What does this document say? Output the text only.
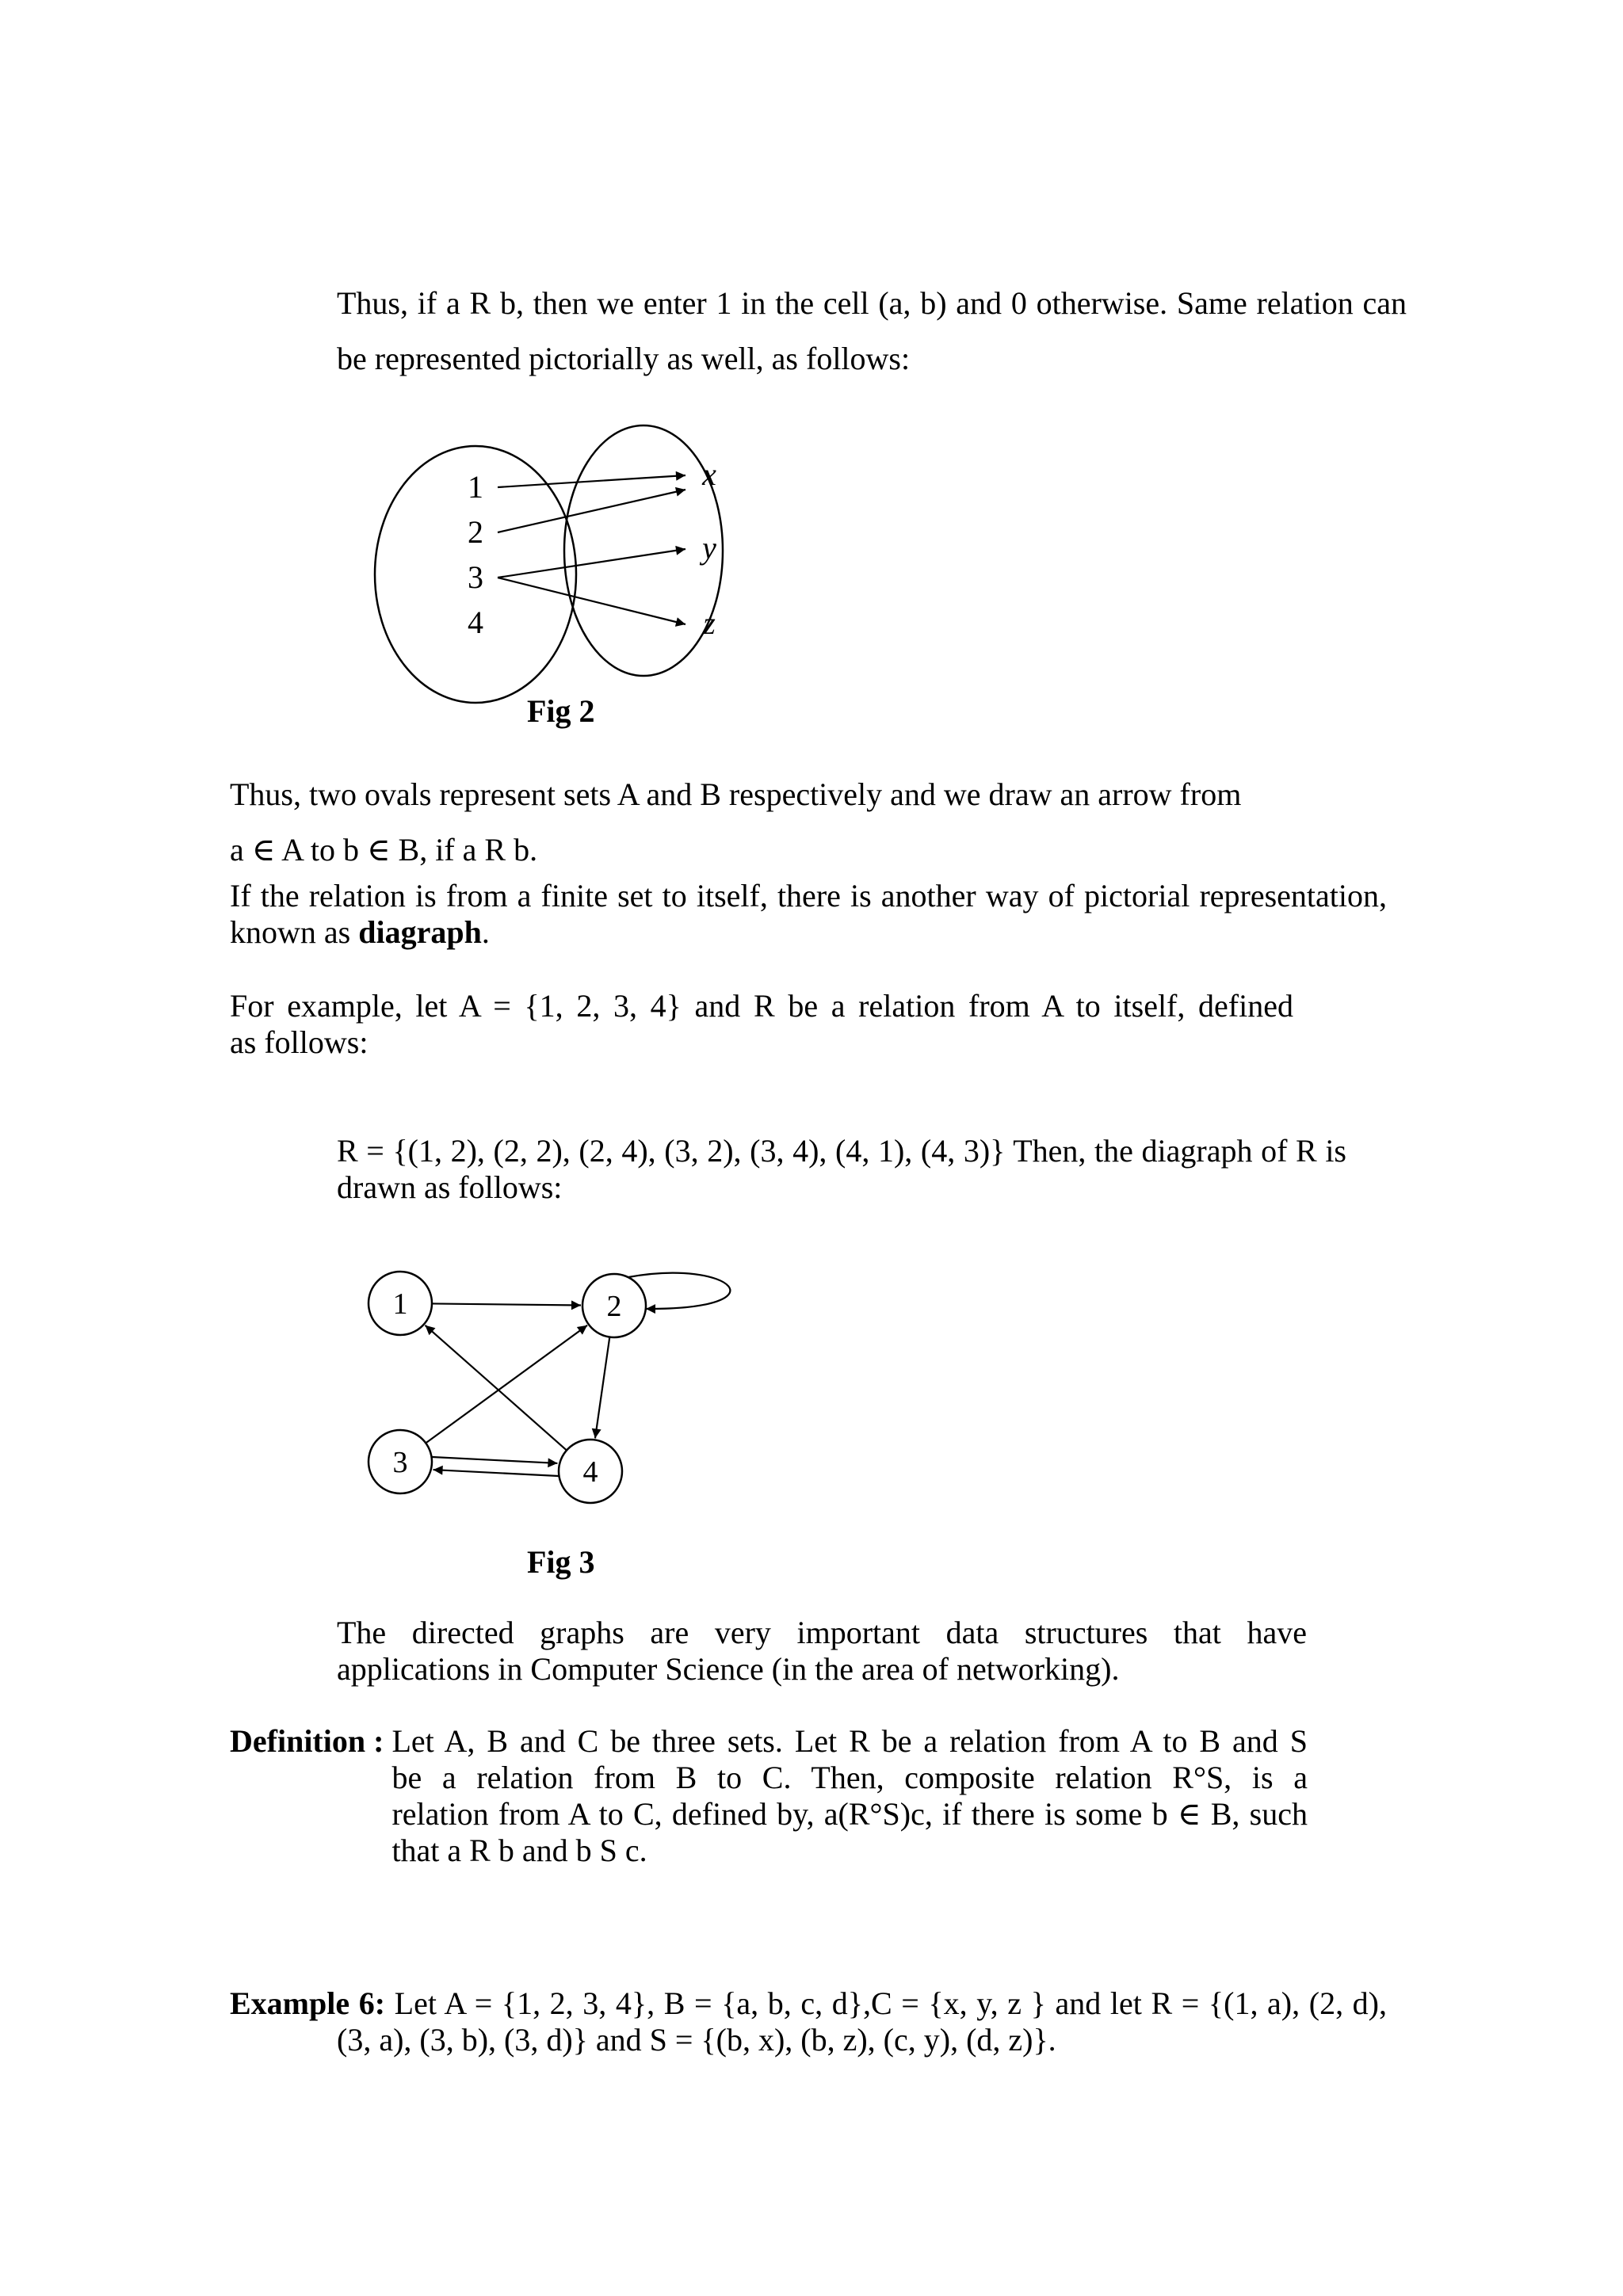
Thus, if a R b, then we enter 1 in the cell (a, b) and 0 otherwise. Same relation can
be represented pictorially as well, as follows:
1
2
3
4
x
y
z
Fig 2
Thus, two ovals represent sets A and B respectively and we draw an arrow from
a ∈ A to b ∈ B, if a R b.
If the relation is from a finite set to itself, there is another way of pictorial representation,
known as diagraph.
For example, let A = {1, 2, 3, 4} and R be a relation from A to itself, defined
as follows:
R = {(1, 2), (2, 2), (2, 4), (3, 2), (3, 4), (4, 1), (4, 3)} Then, the diagraph of R is
drawn as follows:
1	2
3	4
Fig 3
The directed graphs are very important data structures that have
applications in Computer Science (in the area of networking).
Definition : Let A, B and C be three sets. Let R be a relation from A to B and S
be a relation from B to C. Then, composite relation R°S, is a
relation from A to C, defined by, a(R°S)c, if there is some b ∈ B, such
that a R b and b S c.
Example 6: Let A = {1, 2, 3, 4}, B = {a, b, c, d},C = {x, y, z } and let R = {(1, a), (2, d),
(3, a), (3, b), (3, d)} and S = {(b, x), (b, z), (c, y), (d, z)}.
